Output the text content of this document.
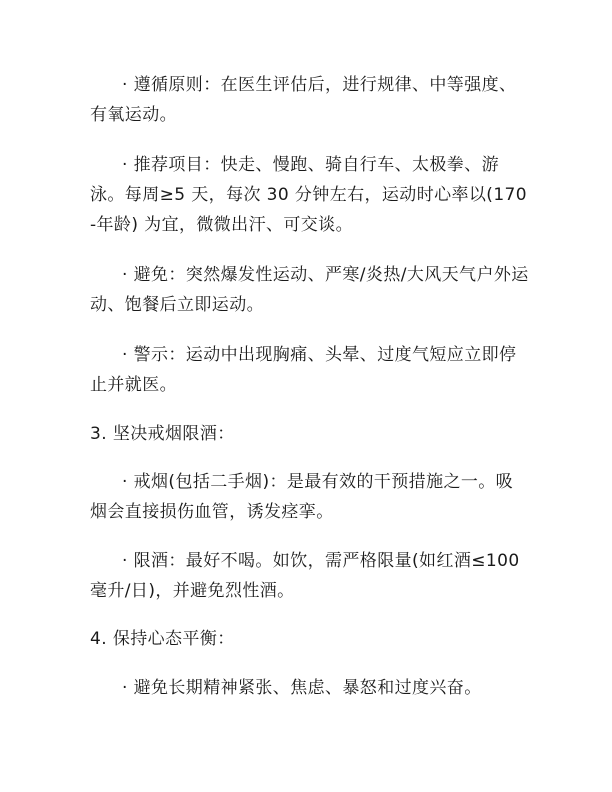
· 遵循原则：在医生评估后，进行规律、中等强度、有氧运动。

· 推荐项目：快走、慢跑、骑自行车、太极拳、游泳。每周≥5 天，每次 30 分钟左右，运动时心率以(170-年龄) 为宜，微微出汗、可交谈。

· 避免：突然爆发性运动、严寒/炎热/大风天气户外运动、饱餐后立即运动。

· 警示：运动中出现胸痛、头晕、过度气短应立即停止并就医。

3. 坚决戒烟限酒：

· 戒烟(包括二手烟)：是最有效的干预措施之一。吸烟会直接损伤血管，诱发痉挛。

· 限酒：最好不喝。如饮，需严格限量(如红酒≤100 毫升/日)，并避免烈性酒。

4. 保持心态平衡：

· 避免长期精神紧张、焦虑、暴怒和过度兴奋。
